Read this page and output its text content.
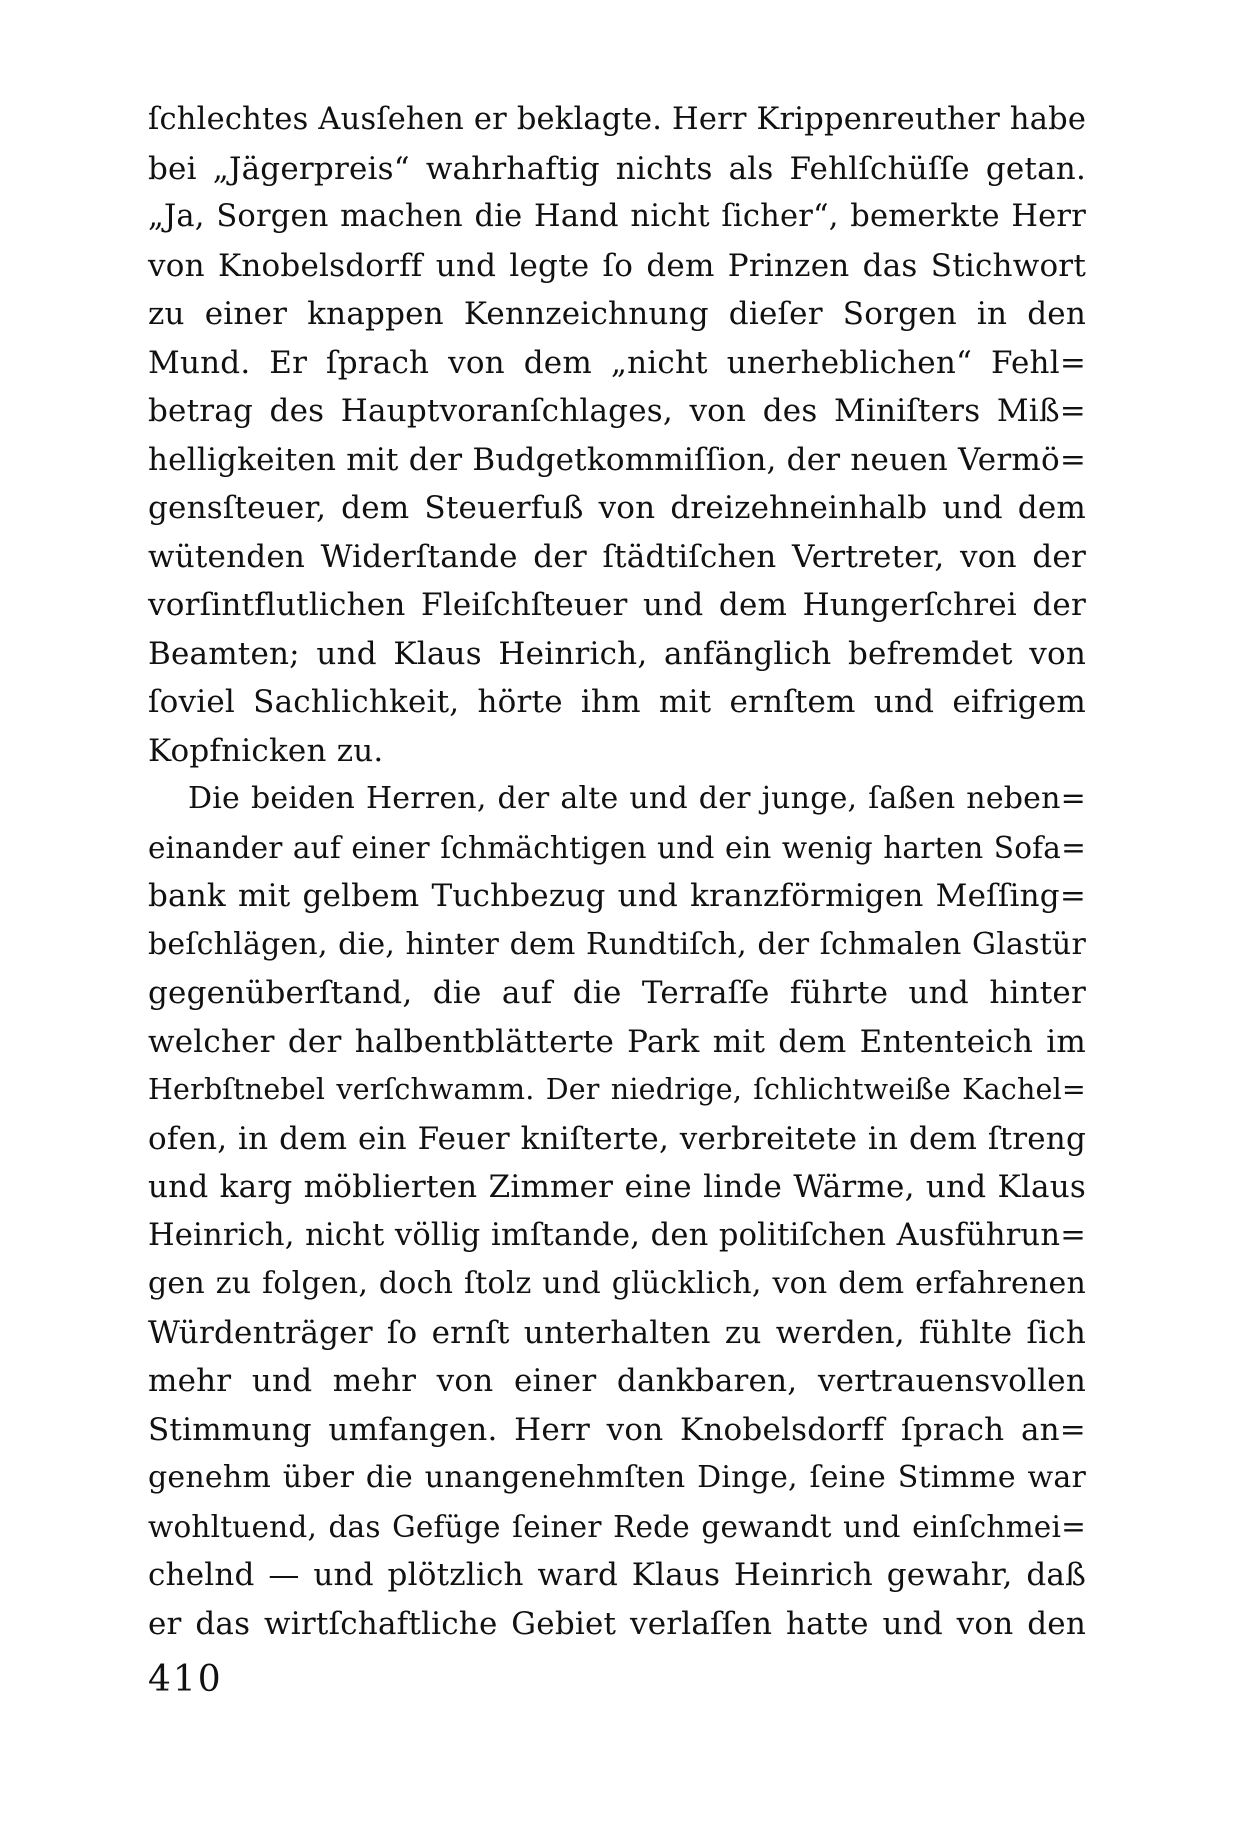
ſchlechtes Ausſehen er beklagte. Herr Krippenreuther habe
bei „Jägerpreis“ wahrhaftig nichts als Fehlſchüſſe getan.
„Ja, Sorgen machen die Hand nicht ſicher“, bemerkte Herr
von Knobelsdorff und legte ſo dem Prinzen das Stichwort
zu einer knappen Kennzeichnung dieſer Sorgen in den
Mund. Er ſprach von dem „nicht unerheblichen“ Fehl=
betrag des Hauptvoranſchlages, von des Miniſters Miß=
helligkeiten mit der Budgetkommiſſion, der neuen Vermö=
gensſteuer, dem Steuerfuß von dreizehneinhalb und dem
wütenden Widerſtande der ſtädtiſchen Vertreter, von der
vorſintflutlichen Fleiſchſteuer und dem Hungerſchrei der
Beamten; und Klaus Heinrich, anfänglich befremdet von
ſoviel Sachlichkeit, hörte ihm mit ernſtem und eifrigem
Kopfnicken zu.
Die beiden Herren, der alte und der junge, ſaßen neben=
einander auf einer ſchmächtigen und ein wenig harten Sofa=
bank mit gelbem Tuchbezug und kranzförmigen Meſſing=
beſchlägen, die, hinter dem Rundtiſch, der ſchmalen Glastür
gegenüberſtand, die auf die Terraſſe führte und hinter
welcher der halbentblätterte Park mit dem Ententeich im
Herbſtnebel verſchwamm. Der niedrige, ſchlichtweiße Kachel=
ofen, in dem ein Feuer kniſterte, verbreitete in dem ſtreng
und karg möblierten Zimmer eine linde Wärme, und Klaus
Heinrich, nicht völlig imſtande, den politiſchen Ausführun=
gen zu folgen, doch ſtolz und glücklich, von dem erfahrenen
Würdenträger ſo ernſt unterhalten zu werden, fühlte ſich
mehr und mehr von einer dankbaren, vertrauensvollen
Stimmung umfangen. Herr von Knobelsdorff ſprach an=
genehm über die unangenehmſten Dinge, ſeine Stimme war
wohltuend, das Gefüge ſeiner Rede gewandt und einſchmei=
chelnd — und plötzlich ward Klaus Heinrich gewahr, daß
er das wirtſchaftliche Gebiet verlaſſen hatte und von den
410
